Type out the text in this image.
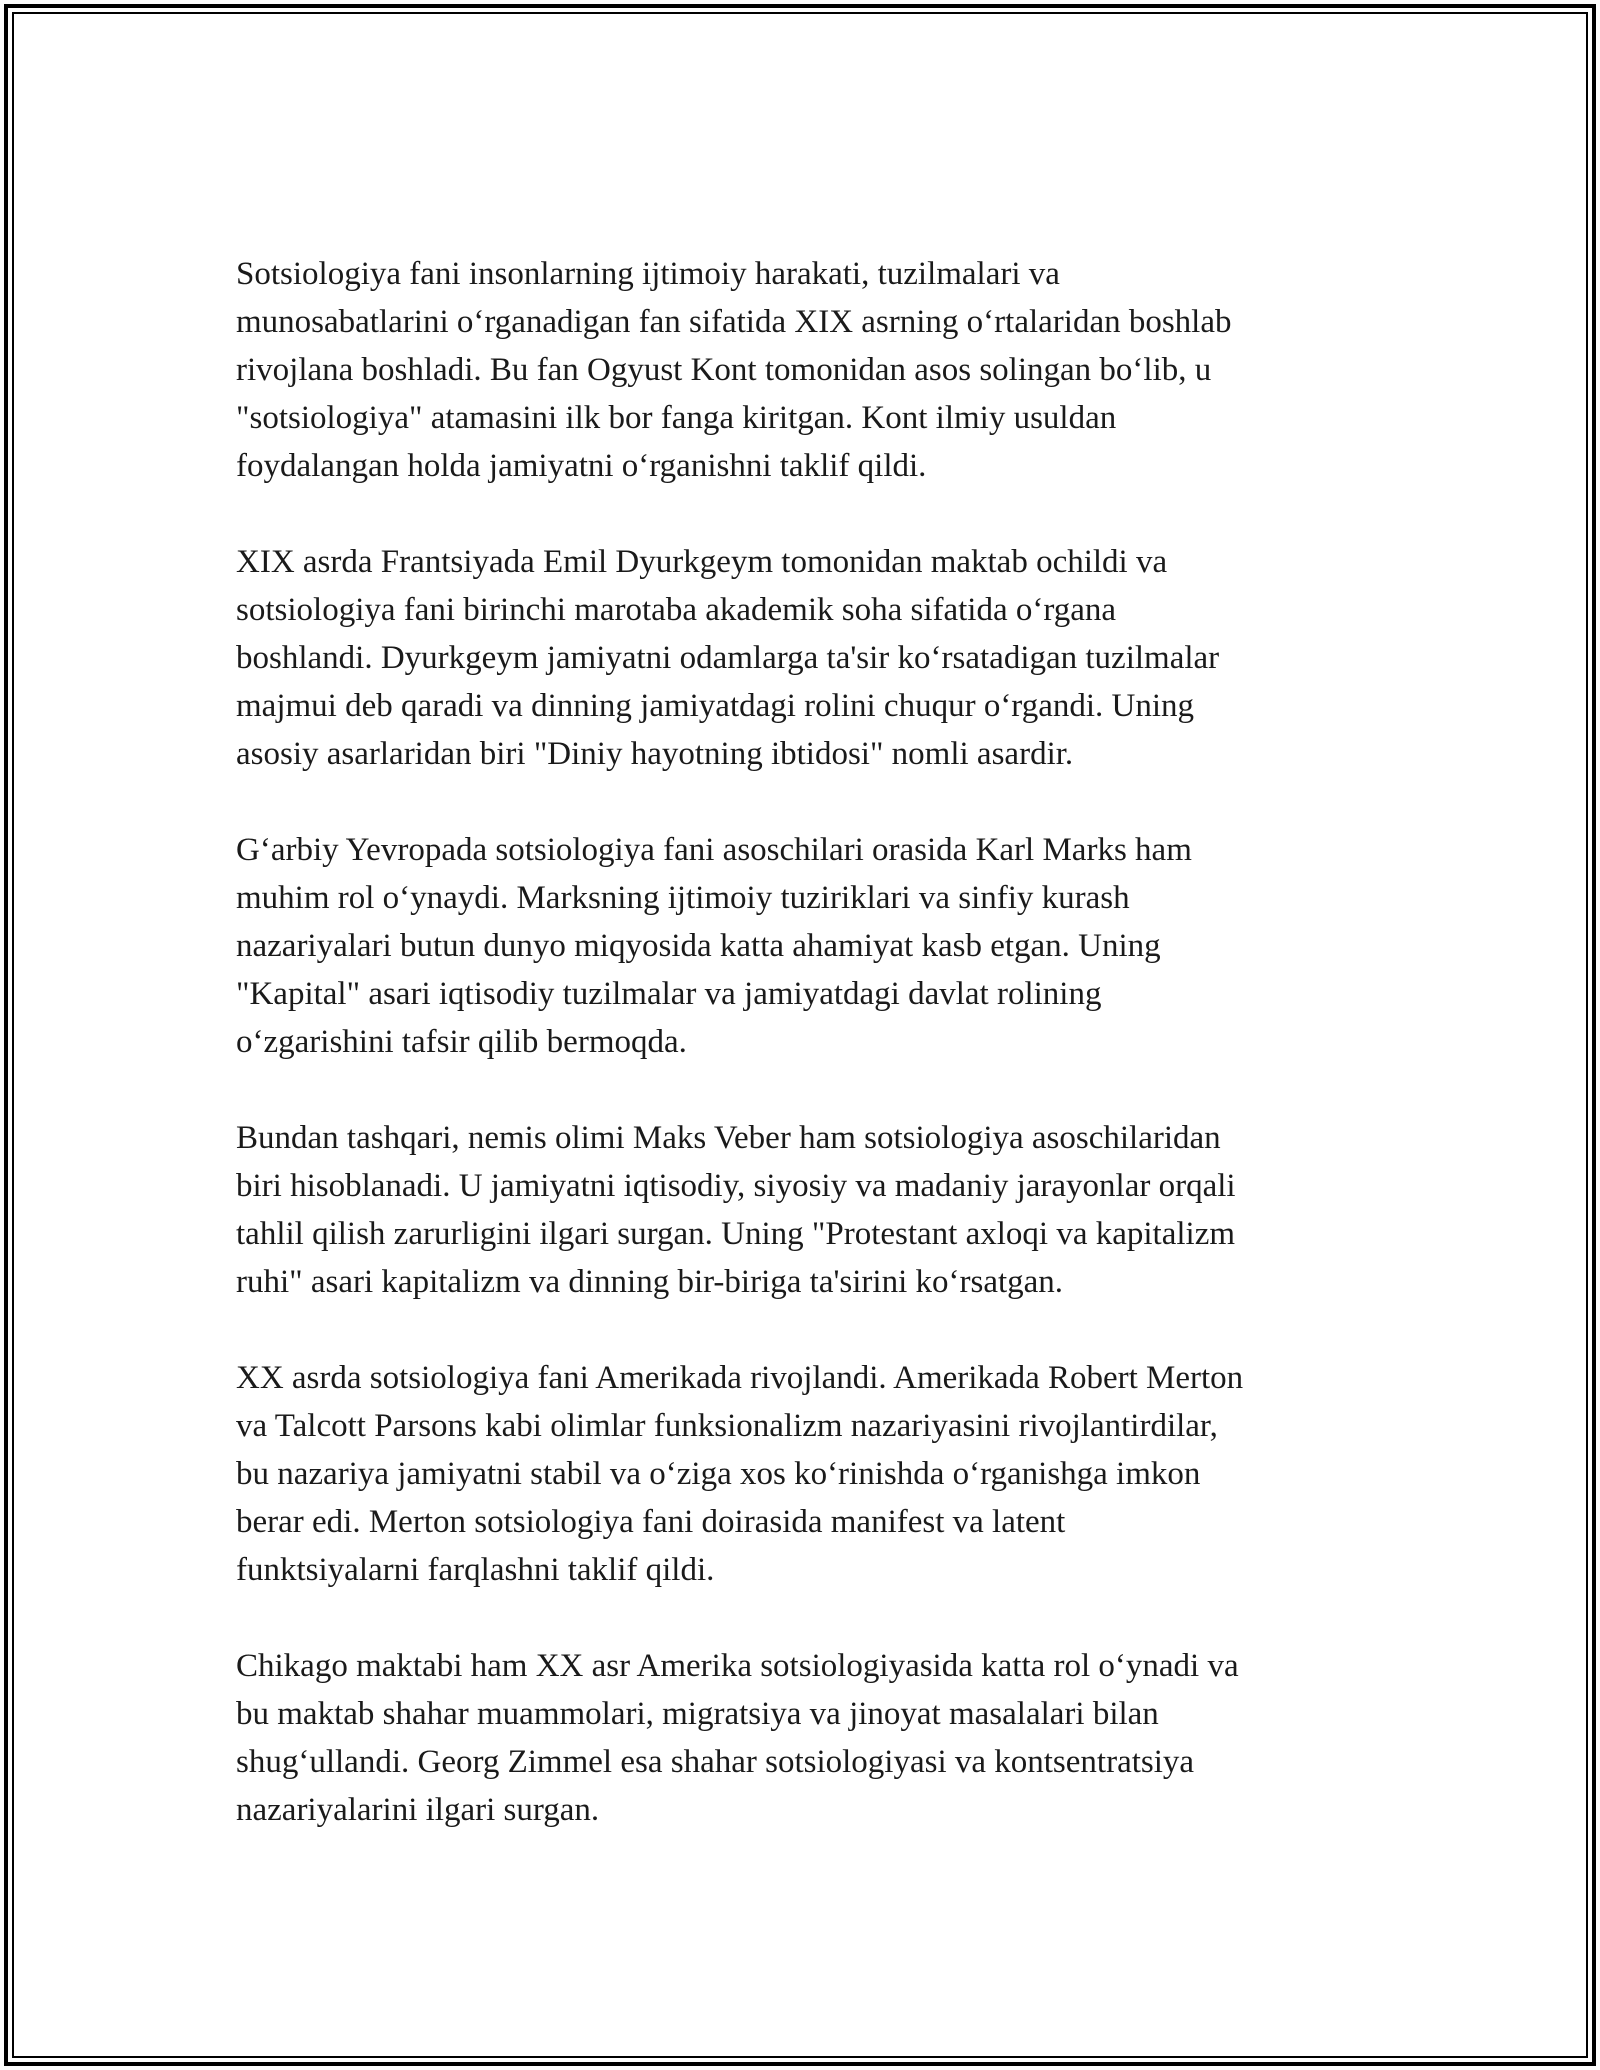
Sotsiologiya fani insonlarning ijtimoiy harakati, tuzilmalari va
munosabatlarini oʻrganadigan fan sifatida XIX asrning oʻrtalaridan boshlab
rivojlana boshladi. Bu fan Ogyust Kont tomonidan asos solingan boʻlib, u
"sotsiologiya" atamasini ilk bor fanga kiritgan. Kont ilmiy usuldan
foydalangan holda jamiyatni oʻrganishni taklif qildi.

XIX asrda Frantsiyada Emil Dyurkgeym tomonidan maktab ochildi va
sotsiologiya fani birinchi marotaba akademik soha sifatida oʻrgana
boshlandi. Dyurkgeym jamiyatni odamlarga ta'sir koʻrsatadigan tuzilmalar
majmui deb qaradi va dinning jamiyatdagi rolini chuqur oʻrgandi. Uning
asosiy asarlaridan biri "Diniy hayotning ibtidosi" nomli asardir.

Gʻarbiy Yevropada sotsiologiya fani asoschilari orasida Karl Marks ham
muhim rol oʻynaydi. Marksning ijtimoiy tuziriklari va sinfiy kurash
nazariyalari butun dunyo miqyosida katta ahamiyat kasb etgan. Uning
"Kapital" asari iqtisodiy tuzilmalar va jamiyatdagi davlat rolining
oʻzgarishini tafsir qilib bermoqda.

Bundan tashqari, nemis olimi Maks Veber ham sotsiologiya asoschilaridan
biri hisoblanadi. U jamiyatni iqtisodiy, siyosiy va madaniy jarayonlar orqali
tahlil qilish zarurligini ilgari surgan. Uning "Protestant axloqi va kapitalizm
ruhi" asari kapitalizm va dinning bir-biriga ta'sirini koʻrsatgan.

XX asrda sotsiologiya fani Amerikada rivojlandi. Amerikada Robert Merton
va Talcott Parsons kabi olimlar funksionalizm nazariyasini rivojlantirdilar,
bu nazariya jamiyatni stabil va oʻziga xos koʻrinishda oʻrganishga imkon
berar edi. Merton sotsiologiya fani doirasida manifest va latent
funktsiyalarni farqlashni taklif qildi.

Chikago maktabi ham XX asr Amerika sotsiologiyasida katta rol oʻynadi va
bu maktab shahar muammolari, migratsiya va jinoyat masalalari bilan
shugʻullandi. Georg Zimmel esa shahar sotsiologiyasi va kontsentratsiya
nazariyalarini ilgari surgan.
